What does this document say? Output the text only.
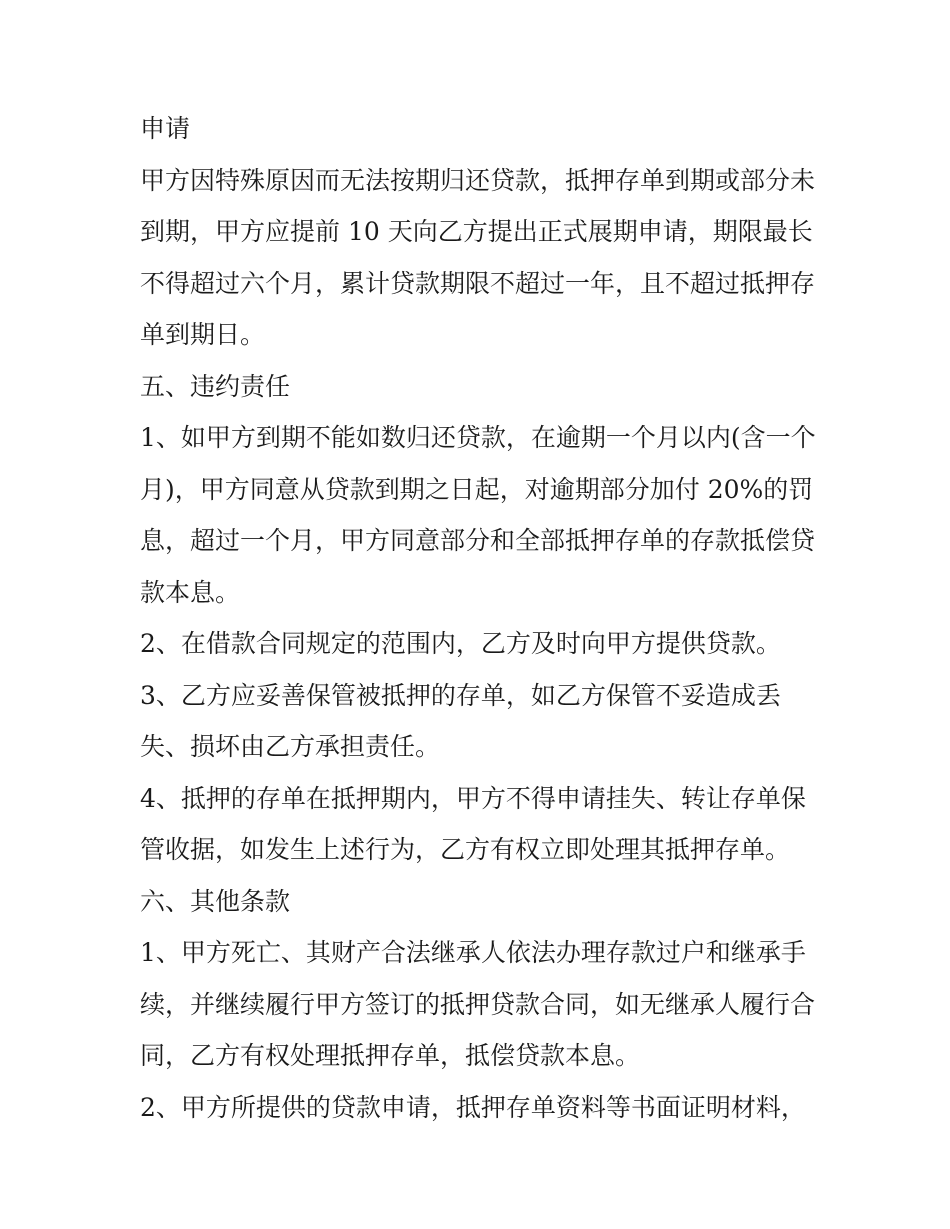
申请
甲方因特殊原因而无法按期归还贷款，抵押存单到期或部分未
到期，甲方应提前 10 天向乙方提出正式展期申请，期限最长
不得超过六个月，累计贷款期限不超过一年，且不超过抵押存
单到期日。
五、违约责任
1、如甲方到期不能如数归还贷款，在逾期一个月以内(含一个
月)，甲方同意从贷款到期之日起，对逾期部分加付 20%的罚
息，超过一个月，甲方同意部分和全部抵押存单的存款抵偿贷
款本息。
2、在借款合同规定的范围内，乙方及时向甲方提供贷款。
3、乙方应妥善保管被抵押的存单，如乙方保管不妥造成丢
失、损坏由乙方承担责任。
4、抵押的存单在抵押期内，甲方不得申请挂失、转让存单保
管收据，如发生上述行为，乙方有权立即处理其抵押存单。
六、其他条款
1、甲方死亡、其财产合法继承人依法办理存款过户和继承手
续，并继续履行甲方签订的抵押贷款合同，如无继承人履行合
同，乙方有权处理抵押存单，抵偿贷款本息。
2、甲方所提供的贷款申请，抵押存单资料等书面证明材料，
